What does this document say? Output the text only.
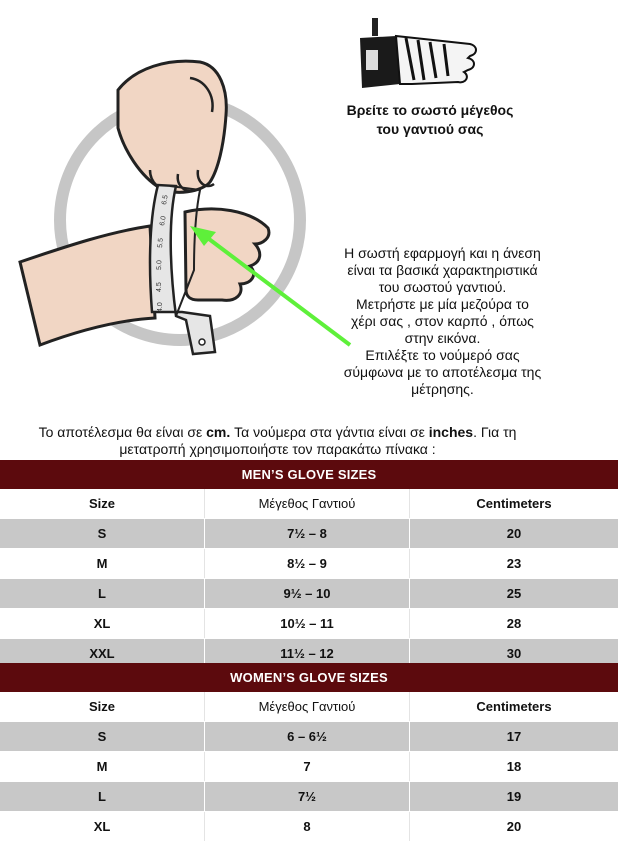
6.5
6.0
5.5
5.0
4.5
4.0
Βρείτε το σωστό μέγεθος
του γαντιού σας
Η σωστή εφαρμογή και η άνεση
είναι τα βασικά χαρακτηριστικά
του σωστού γαντιού.
Μετρήστε με μία μεζούρα το
χέρι σας , στον καρπό , όπως
στην εικόνα.
Επιλέξτε το νούμερό σας
σύμφωνα με το αποτέλεσμα της
μέτρησης.
Το αποτέλεσμα θα είναι σε cm. Τα νούμερα στα γάντια είναι σε inches. Για τη
μετατροπή χρησιμοποιήστε τον παρακάτω πίνακα :
MEN’S GLOVE SIZES
Size	Μέγεθος Γαντιού	Centimeters
S	7½ – 8	20
M	8½ – 9	23
L	9½ – 10	25
XL	10½ – 11	28
XXL	11½ – 12	30
WOMEN’S GLOVE SIZES
Size	Μέγεθος Γαντιού	Centimeters
S	6 – 6½	17
M	7	18
L	7½	19
XL	8	20
